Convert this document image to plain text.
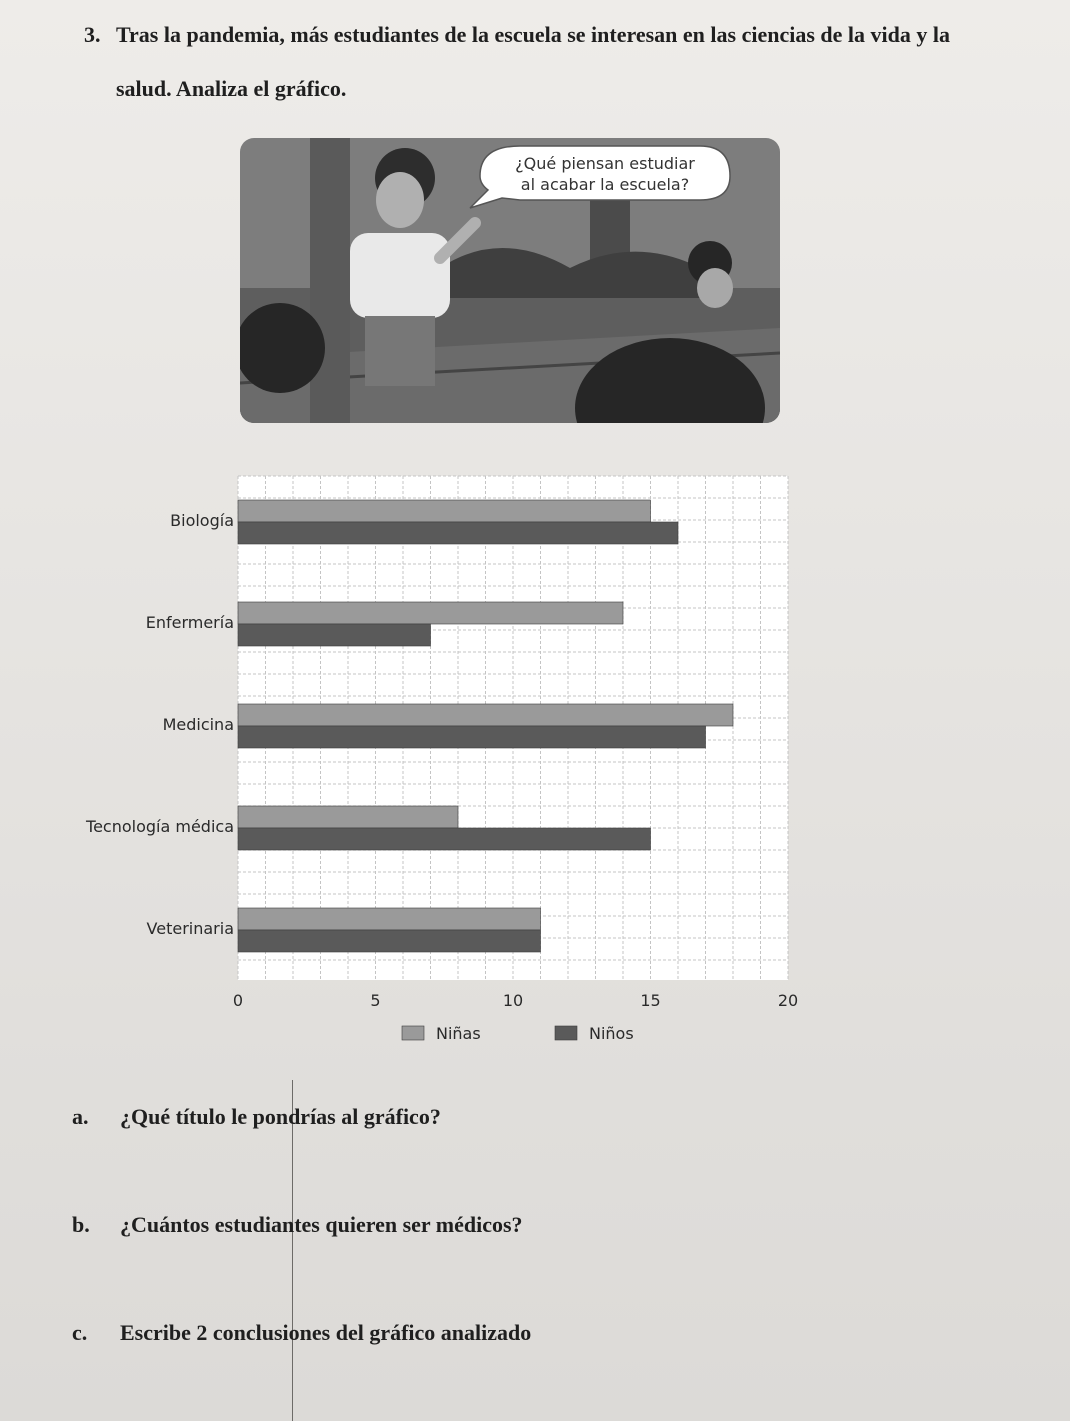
3. Tras la pandemia, más estudiantes de la escuela se interesan en las ciencias de la vida y la
salud. Analiza el gráfico.
¿Qué piensan estudiar
al acabar la escuela?
Biología
Enfermería
Medicina
Tecnología médica
Veterinaria
0	5	10	15	20
Niñas	Niños
a. ¿Qué título le pondrías al gráfico?
b. ¿Cuántos estudiantes quieren ser médicos?
c. Escribe 2 conclusiones del gráfico analizado
